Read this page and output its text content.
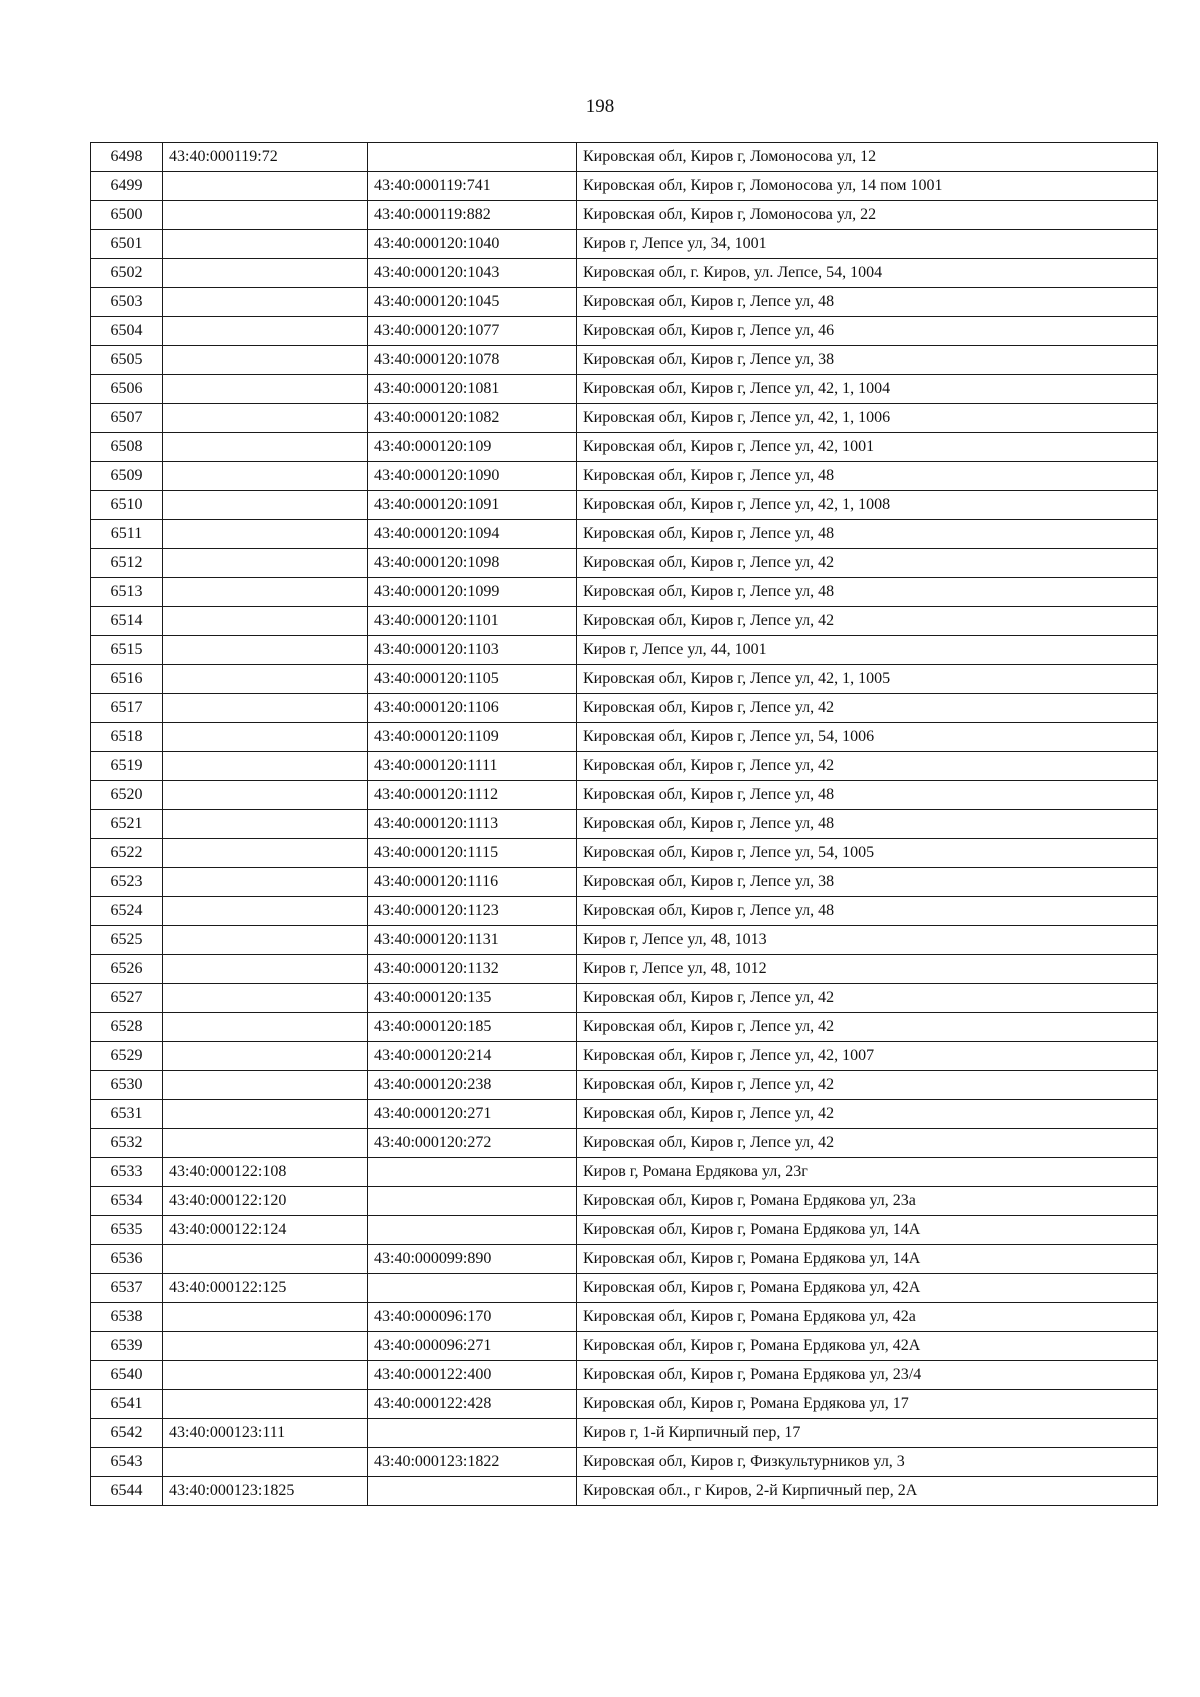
198
6498	43:40:000119:72		Кировская обл, Киров г, Ломоносова ул, 12
6499		43:40:000119:741	Кировская обл, Киров г, Ломоносова ул, 14 пом 1001
6500		43:40:000119:882	Кировская обл, Киров г, Ломоносова ул, 22
6501		43:40:000120:1040	Киров г, Лепсе ул, 34, 1001
6502		43:40:000120:1043	Кировская обл, г. Киров, ул. Лепсе, 54, 1004
6503		43:40:000120:1045	Кировская обл, Киров г, Лепсе ул, 48
6504		43:40:000120:1077	Кировская обл, Киров г, Лепсе ул, 46
6505		43:40:000120:1078	Кировская обл, Киров г, Лепсе ул, 38
6506		43:40:000120:1081	Кировская обл, Киров г, Лепсе ул, 42, 1, 1004
6507		43:40:000120:1082	Кировская обл, Киров г, Лепсе ул, 42, 1, 1006
6508		43:40:000120:109	Кировская обл, Киров г, Лепсе ул, 42, 1001
6509		43:40:000120:1090	Кировская обл, Киров г, Лепсе ул, 48
6510		43:40:000120:1091	Кировская обл, Киров г, Лепсе ул, 42, 1, 1008
6511		43:40:000120:1094	Кировская обл, Киров г, Лепсе ул, 48
6512		43:40:000120:1098	Кировская обл, Киров г, Лепсе ул, 42
6513		43:40:000120:1099	Кировская обл, Киров г, Лепсе ул, 48
6514		43:40:000120:1101	Кировская обл, Киров г, Лепсе ул, 42
6515		43:40:000120:1103	Киров г, Лепсе ул, 44, 1001
6516		43:40:000120:1105	Кировская обл, Киров г, Лепсе ул, 42, 1, 1005
6517		43:40:000120:1106	Кировская обл, Киров г, Лепсе ул, 42
6518		43:40:000120:1109	Кировская обл, Киров г, Лепсе ул, 54, 1006
6519		43:40:000120:1111	Кировская обл, Киров г, Лепсе ул, 42
6520		43:40:000120:1112	Кировская обл, Киров г, Лепсе ул, 48
6521		43:40:000120:1113	Кировская обл, Киров г, Лепсе ул, 48
6522		43:40:000120:1115	Кировская обл, Киров г, Лепсе ул, 54, 1005
6523		43:40:000120:1116	Кировская обл, Киров г, Лепсе ул, 38
6524		43:40:000120:1123	Кировская обл, Киров г, Лепсе ул, 48
6525		43:40:000120:1131	Киров г, Лепсе ул, 48, 1013
6526		43:40:000120:1132	Киров г, Лепсе ул, 48, 1012
6527		43:40:000120:135	Кировская обл, Киров г, Лепсе ул, 42
6528		43:40:000120:185	Кировская обл, Киров г, Лепсе ул, 42
6529		43:40:000120:214	Кировская обл, Киров г, Лепсе ул, 42, 1007
6530		43:40:000120:238	Кировская обл, Киров г, Лепсе ул, 42
6531		43:40:000120:271	Кировская обл, Киров г, Лепсе ул, 42
6532		43:40:000120:272	Кировская обл, Киров г, Лепсе ул, 42
6533	43:40:000122:108		Киров г, Романа Ердякова ул, 23г
6534	43:40:000122:120		Кировская обл, Киров г, Романа Ердякова ул, 23а
6535	43:40:000122:124		Кировская обл, Киров г, Романа Ердякова ул, 14А
6536		43:40:000099:890	Кировская обл, Киров г, Романа Ердякова ул, 14А
6537	43:40:000122:125		Кировская обл, Киров г, Романа Ердякова ул, 42А
6538		43:40:000096:170	Кировская обл, Киров г, Романа Ердякова ул, 42а
6539		43:40:000096:271	Кировская обл, Киров г, Романа Ердякова ул, 42А
6540		43:40:000122:400	Кировская обл, Киров г, Романа Ердякова ул, 23/4
6541		43:40:000122:428	Кировская обл, Киров г, Романа Ердякова ул, 17
6542	43:40:000123:111		Киров г, 1-й Кирпичный пер, 17
6543		43:40:000123:1822	Кировская обл, Киров г, Физкультурников ул, 3
6544	43:40:000123:1825		Кировская обл., г Киров, 2-й Кирпичный пер, 2А
